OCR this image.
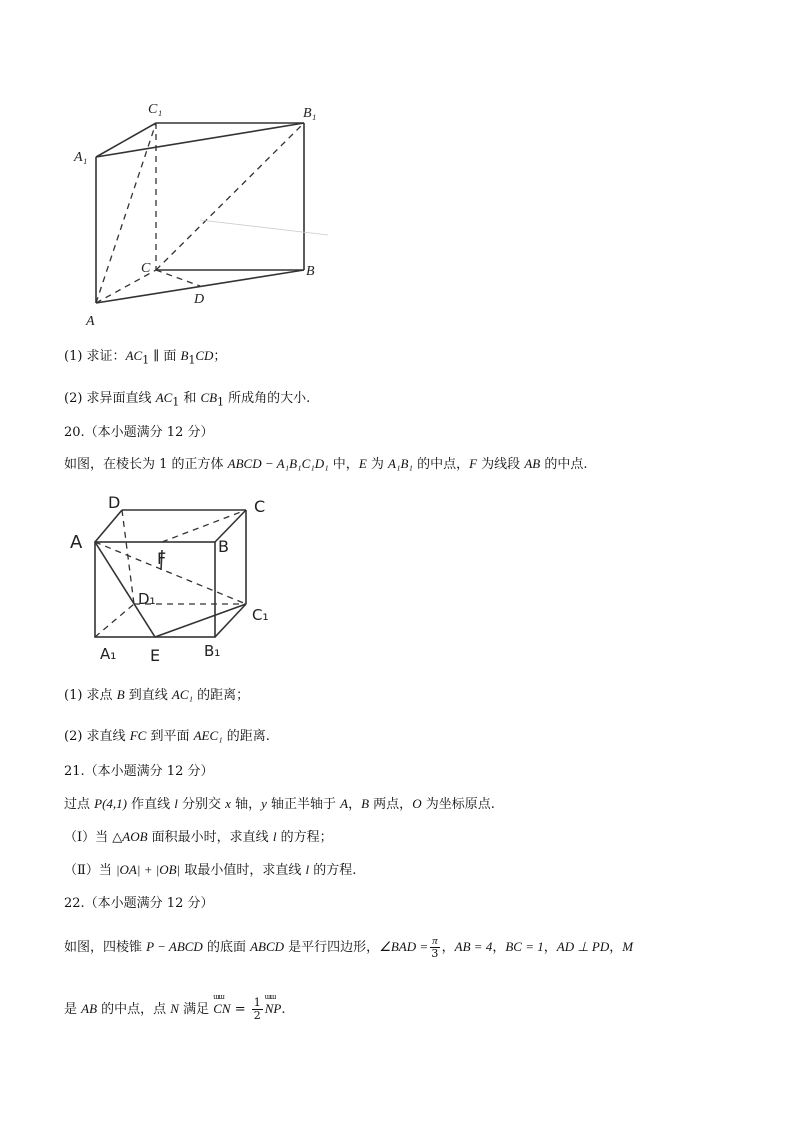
C₁	B₁
A₁
C	B
D
A
(1) 求证：$AC_1$ ∥ 面 $B_1CD$；
(2) 求异面直线 $AC_1$ 和 $CB_1$ 所成角的大小.
20.（本小题满分 12 分）
如图，在棱长为 1 的正方体 ABCD − A₁B₁C₁D₁ 中，E 为 A₁B₁ 的中点，F 为线段 AB 的中点.
D	C
A	B
F
D₁
C₁
A₁ E	B₁
(1) 求点 B 到直线 AC₁ 的距离；
(2) 求直线 FC 到平面 AEC₁ 的距离.
21.（本小题满分 12 分）
过点 P(4,1) 作直线 l 分别交 x 轴，y 轴正半轴于 A，B 两点，O 为坐标原点.
（Ⅰ）当 △AOB 面积最小时，求直线 l 的方程；
（Ⅱ）当 |OA| + |OB| 取最小值时，求直线 l 的方程.
22.（本小题满分 12 分）
如图，四棱锥 P − ABCD 的底面 ABCD 是平行四边形，∠BAD = $\frac{\pi}{3}$ ，AB = 4，BC = 1，AD ⊥ PD，M
是 AB 的中点，点 N 满足
ɯɯ
CN = $\frac{1}{2}$
ɯɯ
NP.
